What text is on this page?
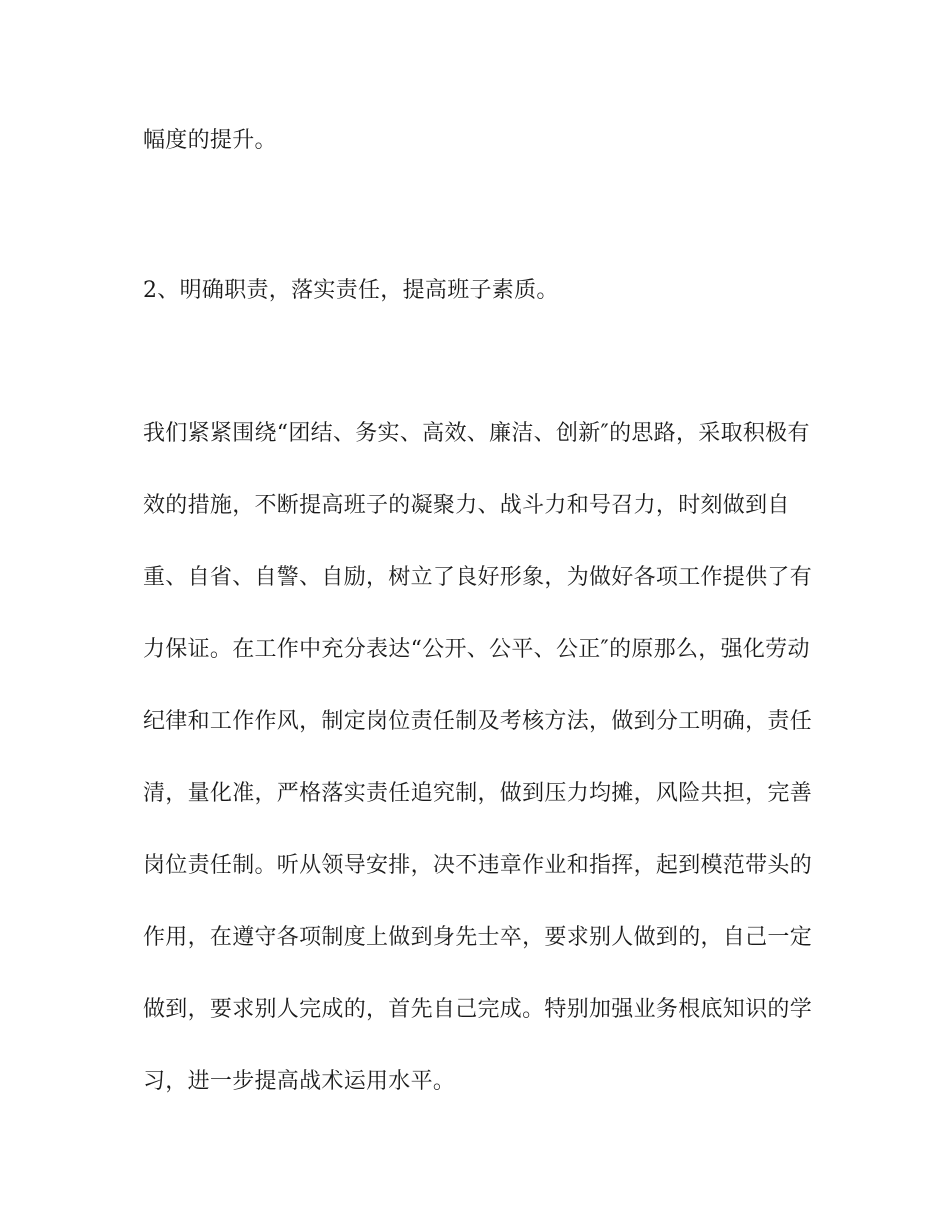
幅度的提升。
2、明确职责，落实责任，提高班子素质。
我们紧紧围绕“团结、务实、高效、廉洁、创新″的思路，采取积极有
效的措施，不断提高班子的凝聚力、战斗力和号召力，时刻做到自
重、自省、自警、自励，树立了良好形象，为做好各项工作提供了有
力保证。在工作中充分表达“公开、公平、公正″的原那么，强化劳动
纪律和工作作风，制定岗位责任制及考核方法，做到分工明确，责任
清，量化准，严格落实责任追究制，做到压力均摊，风险共担，完善
岗位责任制。听从领导安排，决不违章作业和指挥，起到模范带头的
作用，在遵守各项制度上做到身先士卒，要求别人做到的，自己一定
做到，要求别人完成的，首先自己完成。特别加强业务根底知识的学
习，进一步提高战术运用水平。
